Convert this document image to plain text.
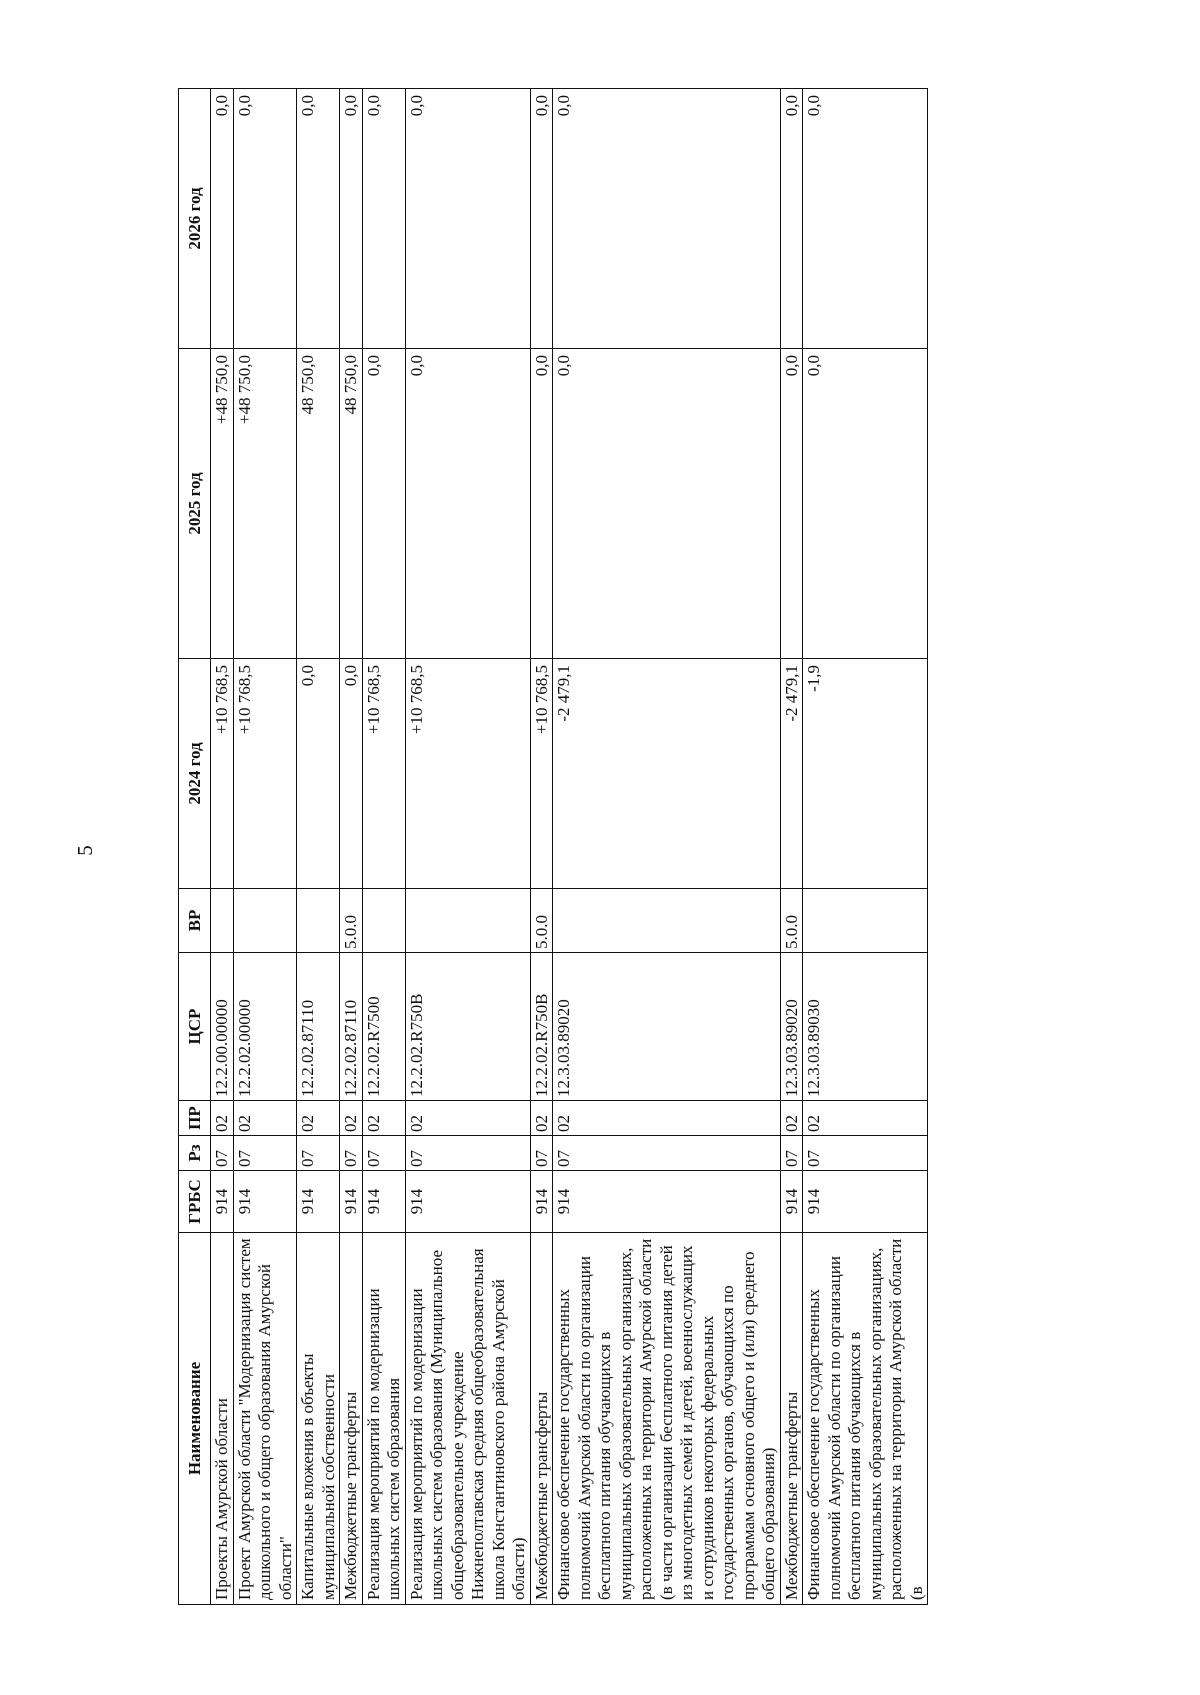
5
Наименование	ГРБС	Рз	ПР	ЦСР	ВР	2024 год	2025 год	2026 год
Проекты Амурской области	914	07	02	12.2.00.00000		+10 768,5	+48 750,0	0,0
Проект Амурской области "Модернизация систем дошкольного и общего образования Амурской области"	914	07	02	12.2.02.00000		+10 768,5	+48 750,0	0,0
Капитальные вложения в объекты муниципальной собственности	914	07	02	12.2.02.87110		0,0	48 750,0	0,0
Межбюджетные трансферты	914	07	02	12.2.02.87110	5.0.0	0,0	48 750,0	0,0
Реализация мероприятий по модернизации школьных систем образования	914	07	02	12.2.02.R7500		+10 768,5	0,0	0,0
Реализация мероприятий по модернизации школьных систем образования (Муниципальное общеобразовательное учреждение Нижнеполтавская средняя общеобразовательная школа Константиновского района Амурской области)	914	07	02	12.2.02.R750B		+10 768,5	0,0	0,0
Межбюджетные трансферты	914	07	02	12.2.02.R750B	5.0.0	+10 768,5	0,0	0,0
Финансовое обеспечение государственных полномочий Амурской области по организации бесплатного питания обучающихся в муниципальных образовательных организациях, расположенных на территории Амурской области (в части организации бесплатного питания детей из многодетных семей и детей, военнослужащих и сотрудников некоторых федеральных государственных органов, обучающихся по программам основного общего и (или) среднего общего образования)	914	07	02	12.3.03.89020		-2 479,1	0,0	0,0
Межбюджетные трансферты	914	07	02	12.3.03.89020	5.0.0	-2 479,1	0,0	0,0
Финансовое обеспечение государственных полномочий Амурской области по организации бесплатного питания обучающихся в муниципальных образовательных организациях, расположенных на территории Амурской области (в	914	07	02	12.3.03.89030		-1,9	0,0	0,0
